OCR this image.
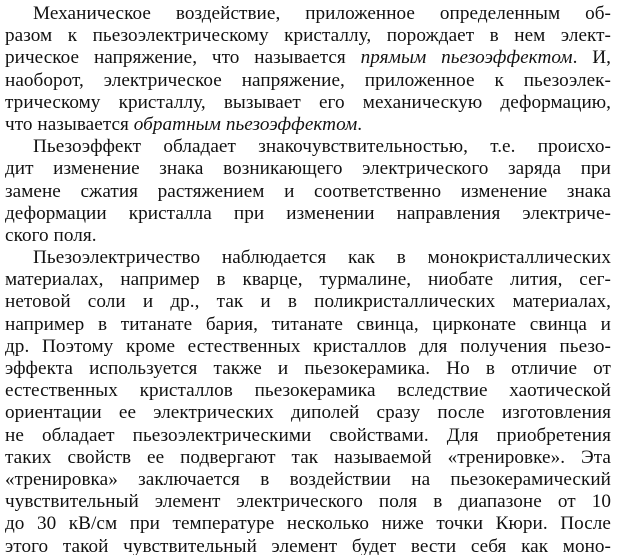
Механическое воздействие, приложенное определенным об-
разом к пьезоэлектрическому кристаллу, порождает в нем элект-
рическое напряжение, что называется прямым пьезоэффектом. И,
наоборот, электрическое напряжение, приложенное к пьезоэлек-
трическому кристаллу, вызывает его механическую деформацию,
что называется обратным пьезоэффектом.
Пьезоэффект обладает знакочувствительностью, т.е. происхо-
дит изменение знака возникающего электрического заряда при
замене сжатия растяжением и соответственно изменение знака
деформации кристалла при изменении направления электриче-
ского поля.
Пьезоэлектричество наблюдается как в монокристаллических
материалах, например в кварце, турмалине, ниобате лития, сег-
нетовой соли и др., так и в поликристаллических материалах,
например в титанате бария, титанате свинца, цирконате свинца и
др. Поэтому кроме естественных кристаллов для получения пьезо-
эффекта используется также и пьезокерамика. Но в отличие от
естественных кристаллов пьезокерамика вследствие хаотической
ориентации ее электрических диполей сразу после изготовления
не обладает пьезоэлектрическими свойствами. Для приобретения
таких свойств ее подвергают так называемой «тренировке». Эта
«тренировка» заключается в воздействии на пьезокерамический
чувствительный элемент электрического поля в диапазоне от 10
до 30 кВ/см при температуре несколько ниже точки Кюри. После
этого такой чувствительный элемент будет вести себя как моно-
